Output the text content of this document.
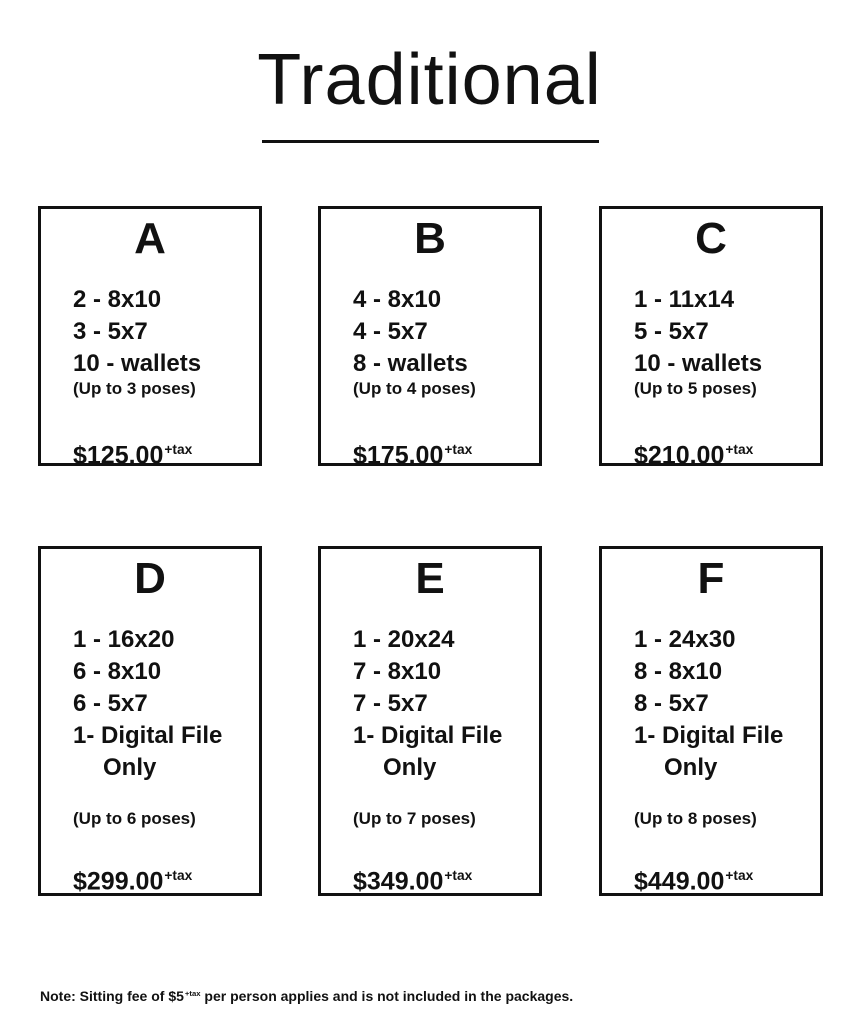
Traditional
A
2 - 8x10
3 - 5x7
10 - wallets
(Up to 3 poses)
$\$125.00^{+tax}$
B
4 - 8x10
4 - 5x7
8 - wallets
(Up to 4 poses)
$\$175.00^{+tax}$
C
1 - 11x14
5 - 5x7
10 - wallets
(Up to 5 poses)
$\$210.00^{+tax}$
D
1 - 16x20
6 - 8x10
6 - 5x7
1- Digital File
Only
(Up to 6 poses)
$\$299.00^{+tax}$
E
1 - 20x24
7 - 8x10
7 - 5x7
1- Digital File
Only
(Up to 7 poses)
$\$349.00^{+tax}$
F
1 - 24x30
8 - 8x10
8 - 5x7
1- Digital File
Only
(Up to 8 poses)
$\$449.00^{+tax}$
Note: Sitting fee of $\$5^{+tax}$ per person applies and is not included in the packages.
